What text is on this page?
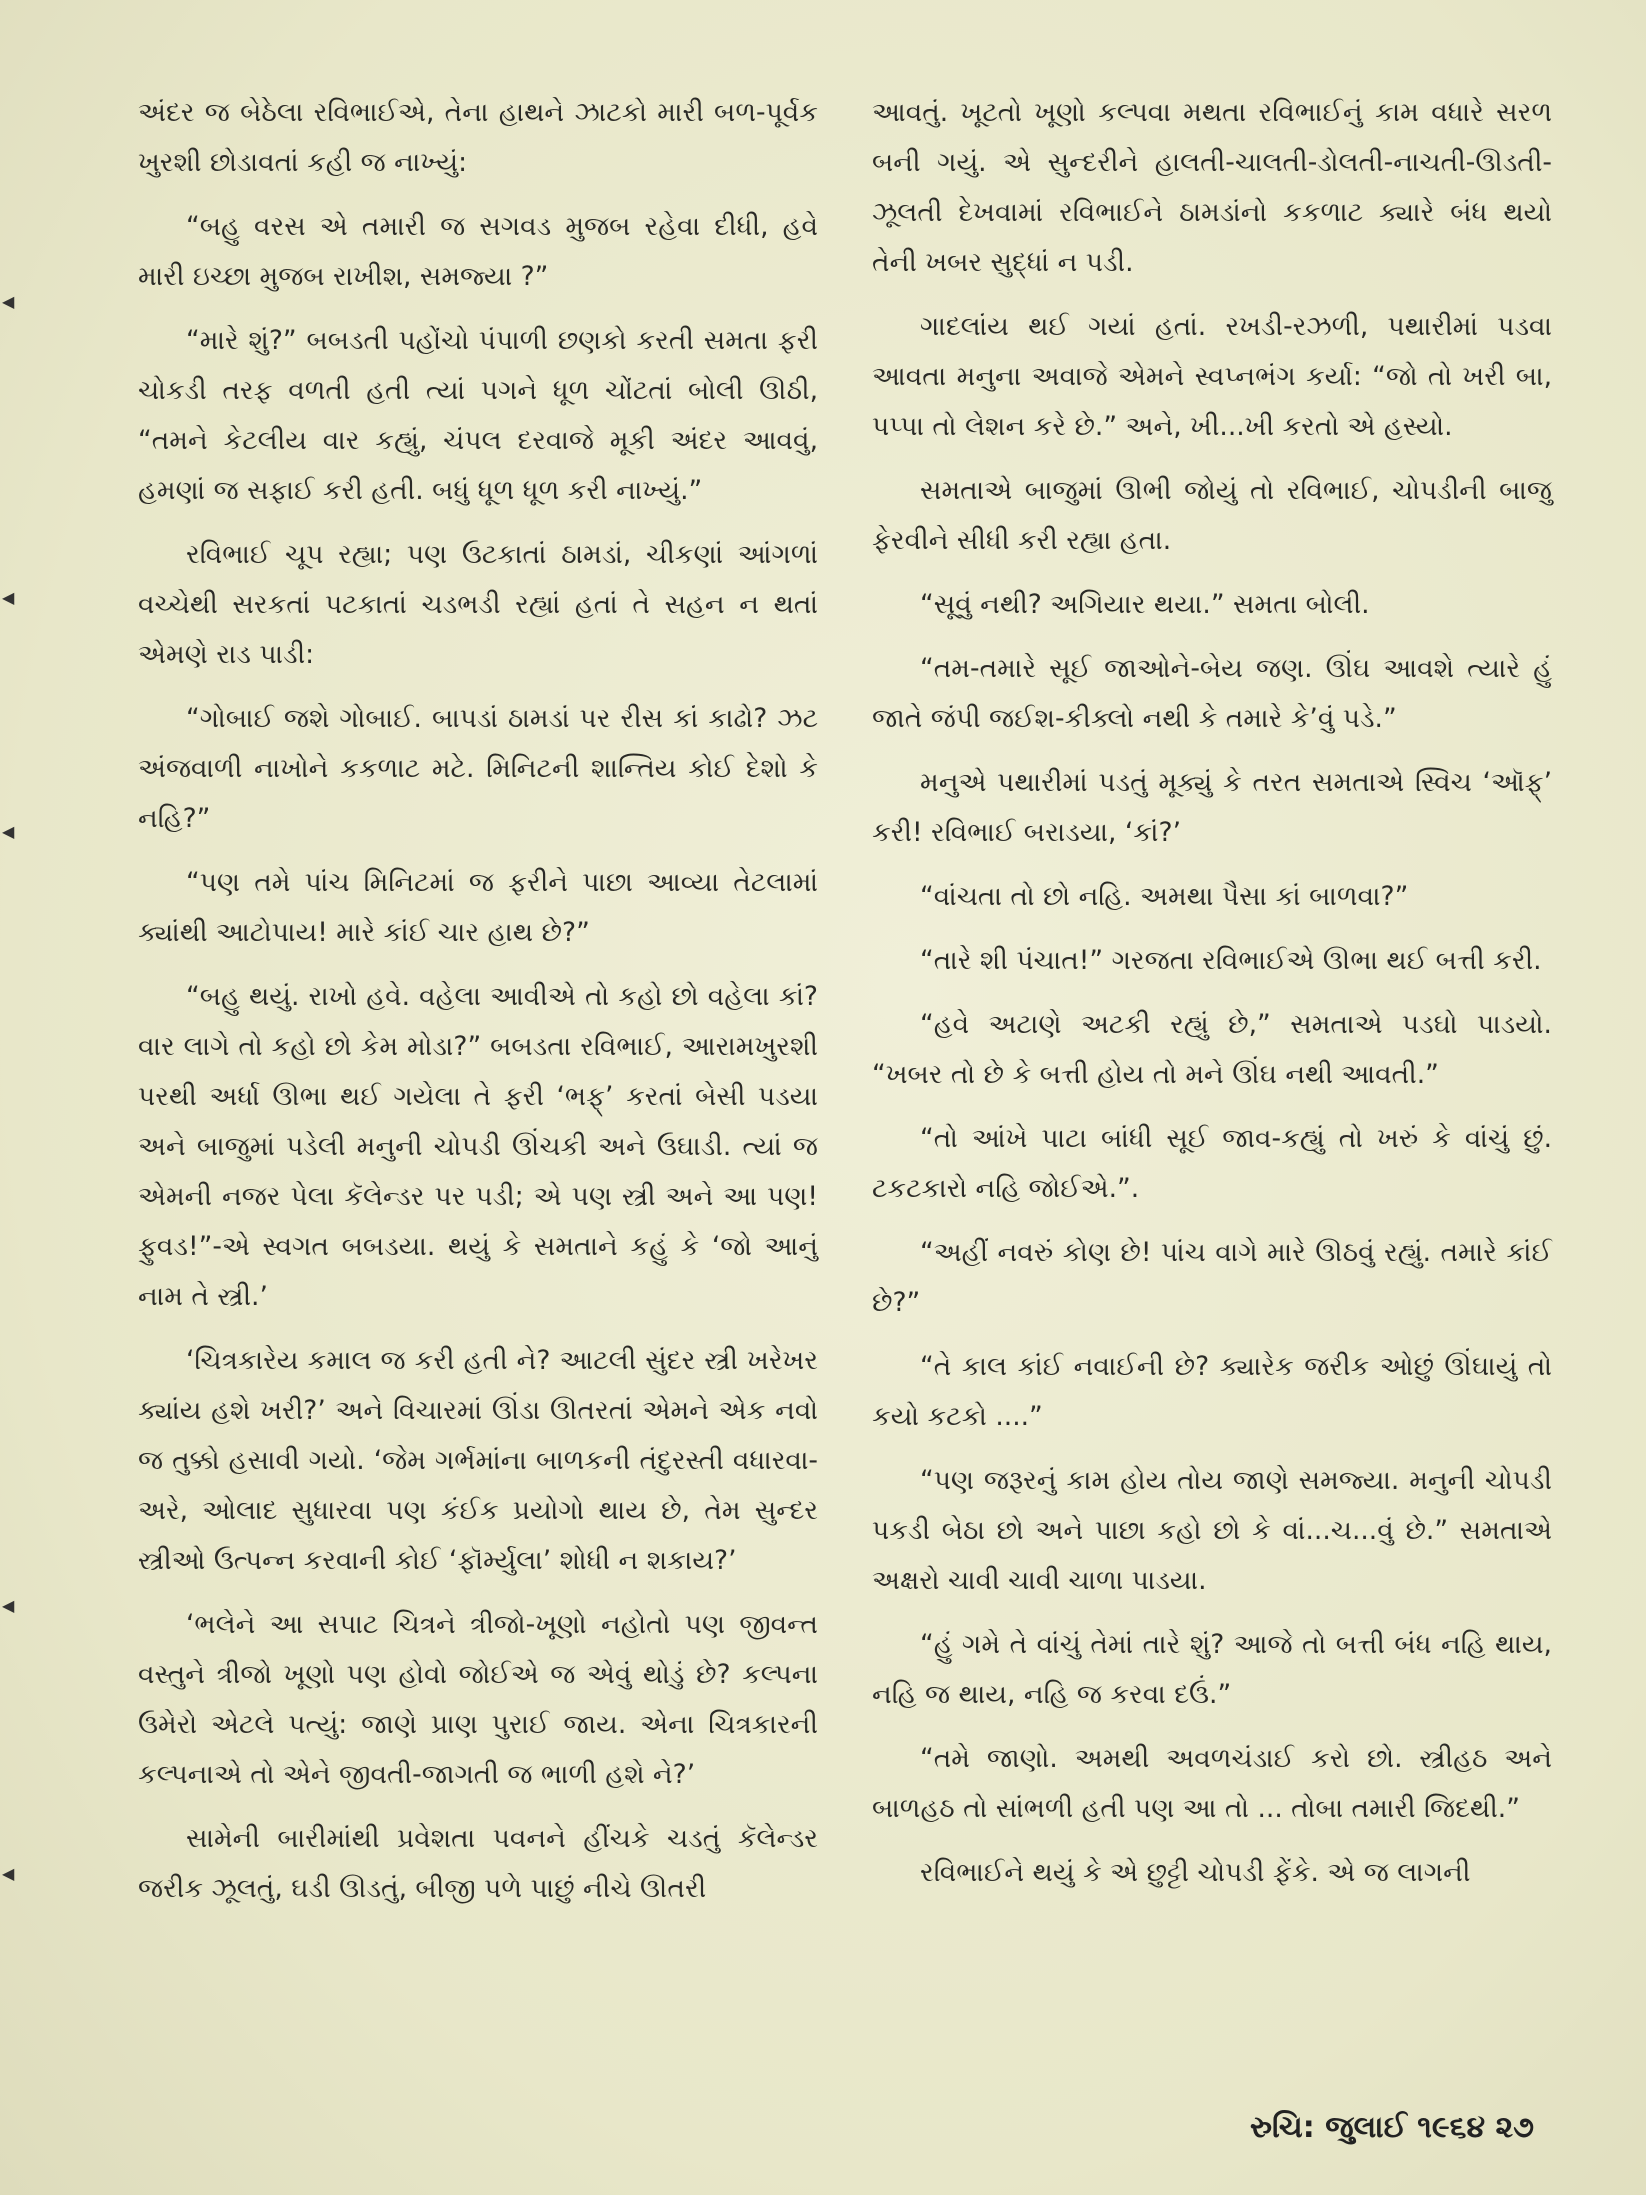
◀
◀
◀
◀
◀

અંદર જ બેઠેલા રવિભાઈએ, તેના હાથને ઝાટકો મારી બળ-પૂર્વક ખુરશી છોડાવતાં કહી જ નાખ્યું:

“બહુ વરસ એ તમારી જ સગવડ મુજબ રહેવા દીધી, હવે મારી ઇચ્છા મુજબ રાખીશ, સમજ્યા ?”

“મારે શું?” બબડતી પહોંચો પંપાળી છણકો કરતી સમતા ફરી ચોકડી તરફ વળતી હતી ત્યાં પગને ધૂળ ચોંટતાં બોલી ઊઠી, “તમને કેટલીય વાર કહ્યું, ચંપલ દરવાજે મૂકી અંદર આવવું, હમણાં જ સફાઈ કરી હતી. બધું ધૂળ ધૂળ કરી નાખ્યું.”

રવિભાઈ ચૂપ રહ્યા; પણ ઉટકાતાં ઠામડાં, ચીકણાં આંગળાં વચ્ચેથી સરકતાં પટકાતાં ચડભડી રહ્યાં હતાં તે સહન ન થતાં એમણે રાડ પાડી:

“ગોબાઈ જશે ગોબાઈ. બાપડાં ઠામડાં પર રીસ કાં કાઢો? ઝટ અંજવાળી નાખોને કકળાટ મટે. મિનિટની શાન્તિય કોઈ દેશો કે નહિ?”

“પણ તમે પાંચ મિનિટમાં જ ફરીને પાછા આવ્યા તેટલામાં ક્યાંથી આટોપાય! મારે કાંઈ ચાર હાથ છે?”

“બહુ થયું. રાખો હવે. વહેલા આવીએ તો કહો છો વહેલા કાં? વાર લાગે તો કહો છો કેમ મોડા?” બબડતા રવિભાઈ, આરામખુરશી પરથી અર્ધા ઊભા થઈ ગયેલા તે ફરી ‘ભફ્’ કરતાં બેસી પડયા અને બાજુમાં પડેલી મનુની ચોપડી ઊંચકી અને ઉઘાડી. ત્યાં જ એમની નજર પેલા કૅલેન્ડર પર પડી; એ પણ સ્ત્રી અને આ પણ! ફુવડ!”-એ સ્વગત બબડયા. થયું કે સમતાને કહું કે ‘જો આનું નામ તે સ્ત્રી.’

‘ચિત્રકારેય કમાલ જ કરી હતી ને? આટલી સુંદર સ્ત્રી ખરેખર ક્યાંય હશે ખરી?’ અને વિચારમાં ઊંડા ઊતરતાં એમને એક નવો જ તુક્કો હસાવી ગયો. ‘જેમ ગર્ભમાંના બાળકની તંદુરસ્તી વધારવા-અરે, ઓલાદ સુધારવા પણ કંઈક પ્રયોગો થાય છે, તેમ સુન્દર સ્ત્રીઓ ઉત્પન્ન કરવાની કોઈ ‘ફૉર્મ્યુલા’ શોધી ન શકાય?’

‘ભલેને આ સપાટ ચિત્રને ત્રીજો-ખૂણો નહોતો પણ જીવન્ત વસ્તુને ત્રીજો ખૂણો પણ હોવો જોઈએ જ એવું થોડું છે? કલ્પના ઉમેરો એટલે પત્યું: જાણે પ્રાણ પુરાઈ જાય. એના ચિત્રકારની કલ્પનાએ તો એને જીવતી-જાગતી જ ભાળી હશે ને?’

સામેની બારીમાંથી પ્રવેશતા પવનને હીંચકે ચડતું કૅલેન્ડર જરીક ઝૂલતું, ઘડી ઊડતું, બીજી પળે પાછું નીચે ઊતરી

આવતું. ખૂટતો ખૂણો કલ્પવા મથતા રવિભાઈનું કામ વધારે સરળ બની ગયું. એ સુન્દરીને હાલતી-ચાલતી-ડોલતી-નાચતી-ઊડતી-ઝૂલતી દેખવામાં રવિભાઈને ઠામડાંનો કકળાટ ક્યારે બંધ થયો તેની ખબર સુદ્ધાં ન પડી.

ગાદલાંય થઈ ગયાં હતાં. રખડી-રઝળી, પથારીમાં પડવા આવતા મનુના અવાજે એમને સ્વપ્નભંગ કર્યા: “જો તો ખરી બા, પપ્પા તો લેશન કરે છે.” અને, ખી...ખી કરતો એ હસ્યો.

સમતાએ બાજુમાં ઊભી જોયું તો રવિભાઈ, ચોપડીની બાજુ ફેરવીને સીધી કરી રહ્યા હતા.

“સૂવું નથી? અગિયાર થયા.” સમતા બોલી.

“તમ-તમારે સૂઈ જાઓને-બેય જણ. ઊંઘ આવશે ત્યારે હું જાતે જંપી જઈશ-કીક્લો નથી કે તમારે કે’વું પડે.”

મનુએ પથારીમાં પડતું મૂક્યું કે તરત સમતાએ સ્વિચ ‘ઑફ્’ કરી! રવિભાઈ બરાડયા, ‘કાં?’

“વાંચતા તો છો નહિ. અમથા પૈસા કાં બાળવા?”

“તારે શી પંચાત!” ગરજતા રવિભાઈએ ઊભા થઈ બત્તી કરી.

“હવે અટાણે અટકી રહ્યું છે,” સમતાએ પડઘો પાડયો. “ખબર તો છે કે બત્તી હોય તો મને ઊંઘ નથી આવતી.”

“તો આંખે પાટા બાંધી સૂઈ જાવ-કહ્યું તો ખરું કે વાંચું છું. ટકટકારો નહિ જોઈએ.”.

“અહીં નવરું કોણ છે! પાંચ વાગે મારે ઊઠવું રહ્યું. તમારે કાંઈ છે?”

“તે કાલ કાંઈ નવાઈની છે? ક્યારેક જરીક ઓછું ઊંઘાયું તો કયો કટકો ....”

“પણ જરૂરનું કામ હોય તોય જાણે સમજ્યા. મનુની ચોપડી પકડી બેઠા છો અને પાછા કહો છો કે વાં...ચ...વું છે.” સમતાએ અક્ષરો ચાવી ચાવી ચાળા પાડયા.

“હું ગમે તે વાંચું તેમાં તારે શું? આજે તો બત્તી બંધ નહિ થાય, નહિ જ થાય, નહિ જ કરવા દઉં.”

“તમે જાણો. અમથી અવળચંડાઈ કરો છો. સ્ત્રીહઠ અને બાળહઠ તો સાંભળી હતી પણ આ તો ... તોબા તમારી જિદથી.”

રવિભાઈને થયું કે એ છુટ્ટી ચોપડી ફેંકે. એ જ લાગની

રુચિ: જુલાઈ ૧૯૬૪ ૨૭
